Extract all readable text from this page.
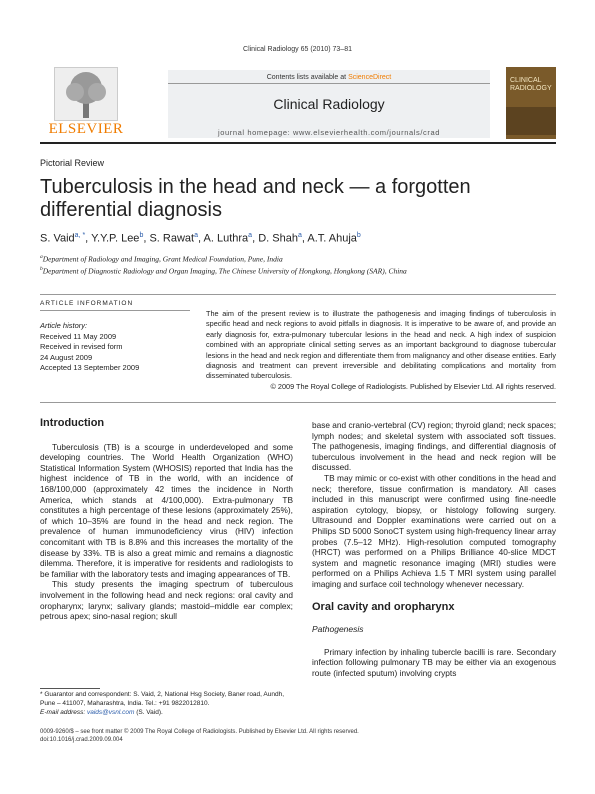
Clinical Radiology 65 (2010) 73–81
ELSEVIER
Contents lists available at ScienceDirect
Clinical Radiology
journal homepage: www.elsevierhealth.com/journals/crad
CLINICAL
RADIOLOGY
Pictorial Review
Tuberculosis in the head and neck — a forgotten
differential diagnosis
S. Vaid$^{a, *}$, Y.Y.P. Lee$^b$, S. Rawat$^a$, A. Luthra$^a$, D. Shah$^a$, A.T. Ahuja$^b$
$^a$Department of Radiology and Imaging, Grant Medical Foundation, Pune, India
$^b$Department of Diagnostic Radiology and Organ Imaging, The Chinese University of Hongkong, Hongkong (SAR), China
ARTICLE INFORMATION
Article history:
Received 11 May 2009
Received in revised form
24 August 2009
Accepted 13 September 2009
The aim of the present review is to illustrate the pathogenesis and imaging findings of tuberculosis in specific head and neck regions to avoid pitfalls in diagnosis. It is imperative to be aware of, and provide an early diagnosis for, extra-pulmonary tubercular lesions in the head and neck. A high index of suspicion combined with an appropriate clinical setting serves as an important background to diagnose tubercular lesions in the head and neck region and differentiate them from malignancy and other disease entities. Early diagnosis and treatment can prevent irreversible and debilitating complications and mortality from disseminated tuberculosis.
© 2009 The Royal College of Radiologists. Published by Elsevier Ltd. All rights reserved.
Introduction

Tuberculosis (TB) is a scourge in underdeveloped and some developing countries. The World Health Organization (WHO) Statistical Information System (WHOSIS) reported that India has the highest incidence of TB in the world, with an incidence of 168/100,000 (approximately 42 times the incidence in North America, which stands at 4/100,000). Extra-pulmonary TB constitutes a high percentage of these lesions (approximately 25%), of which 10–35% are found in the head and neck region. The prevalence of human immunodeficiency virus (HIV) infection concomitant with TB is 8.8% and this increases the mortality of the disease by 33%. TB is also a great mimic and remains a diagnostic dilemma. Therefore, it is imperative for residents and radiologists to be familiar with the laboratory tests and imaging appearances of TB.

This study presents the imaging spectrum of tuberculous involvement in the following head and neck regions: oral cavity and oropharynx; larynx; salivary glands; mastoid–middle ear complex; petrous apex; sino-nasal region; skull

base and cranio-vertebral (CV) region; thyroid gland; neck spaces; lymph nodes; and skeletal system with associated soft tissues. The pathogenesis, imaging findings, and differential diagnosis of tuberculous involvement in the head and neck region will be discussed.

TB may mimic or co-exist with other conditions in the head and neck; therefore, tissue confirmation is mandatory. All cases included in this manuscript were confirmed using fine-needle aspiration cytology, biopsy, or histology following surgery. Ultrasound and Doppler examinations were carried out on a Philips SD 5000 SonoCT system using high-frequency linear array probes (7.5–12 MHz). High-resolution computed tomography (HRCT) was performed on a Philips Brilliance 40-slice MDCT system and magnetic resonance imaging (MRI) studies were performed on a Philips Achieva 1.5 T MRI system using parallel imaging and surface coil technology whenever necessary.

Oral cavity and oropharynx
Pathogenesis

Primary infection by inhaling tubercle bacilli is rare. Secondary infection following pulmonary TB may be either via an exogenous route (infected sputum) involving crypts

* Guarantor and correspondent: S. Vaid, 2, National Hsg Society, Baner road, Aundh, Pune – 411007, Maharashtra, India. Tel.: +91 9822012810.
E-mail address: vaids@vsnl.com (S. Vaid).
0009-9260/$ – see front matter © 2009 The Royal College of Radiologists. Published by Elsevier Ltd. All rights reserved.
doi:10.1016/j.crad.2009.09.004
